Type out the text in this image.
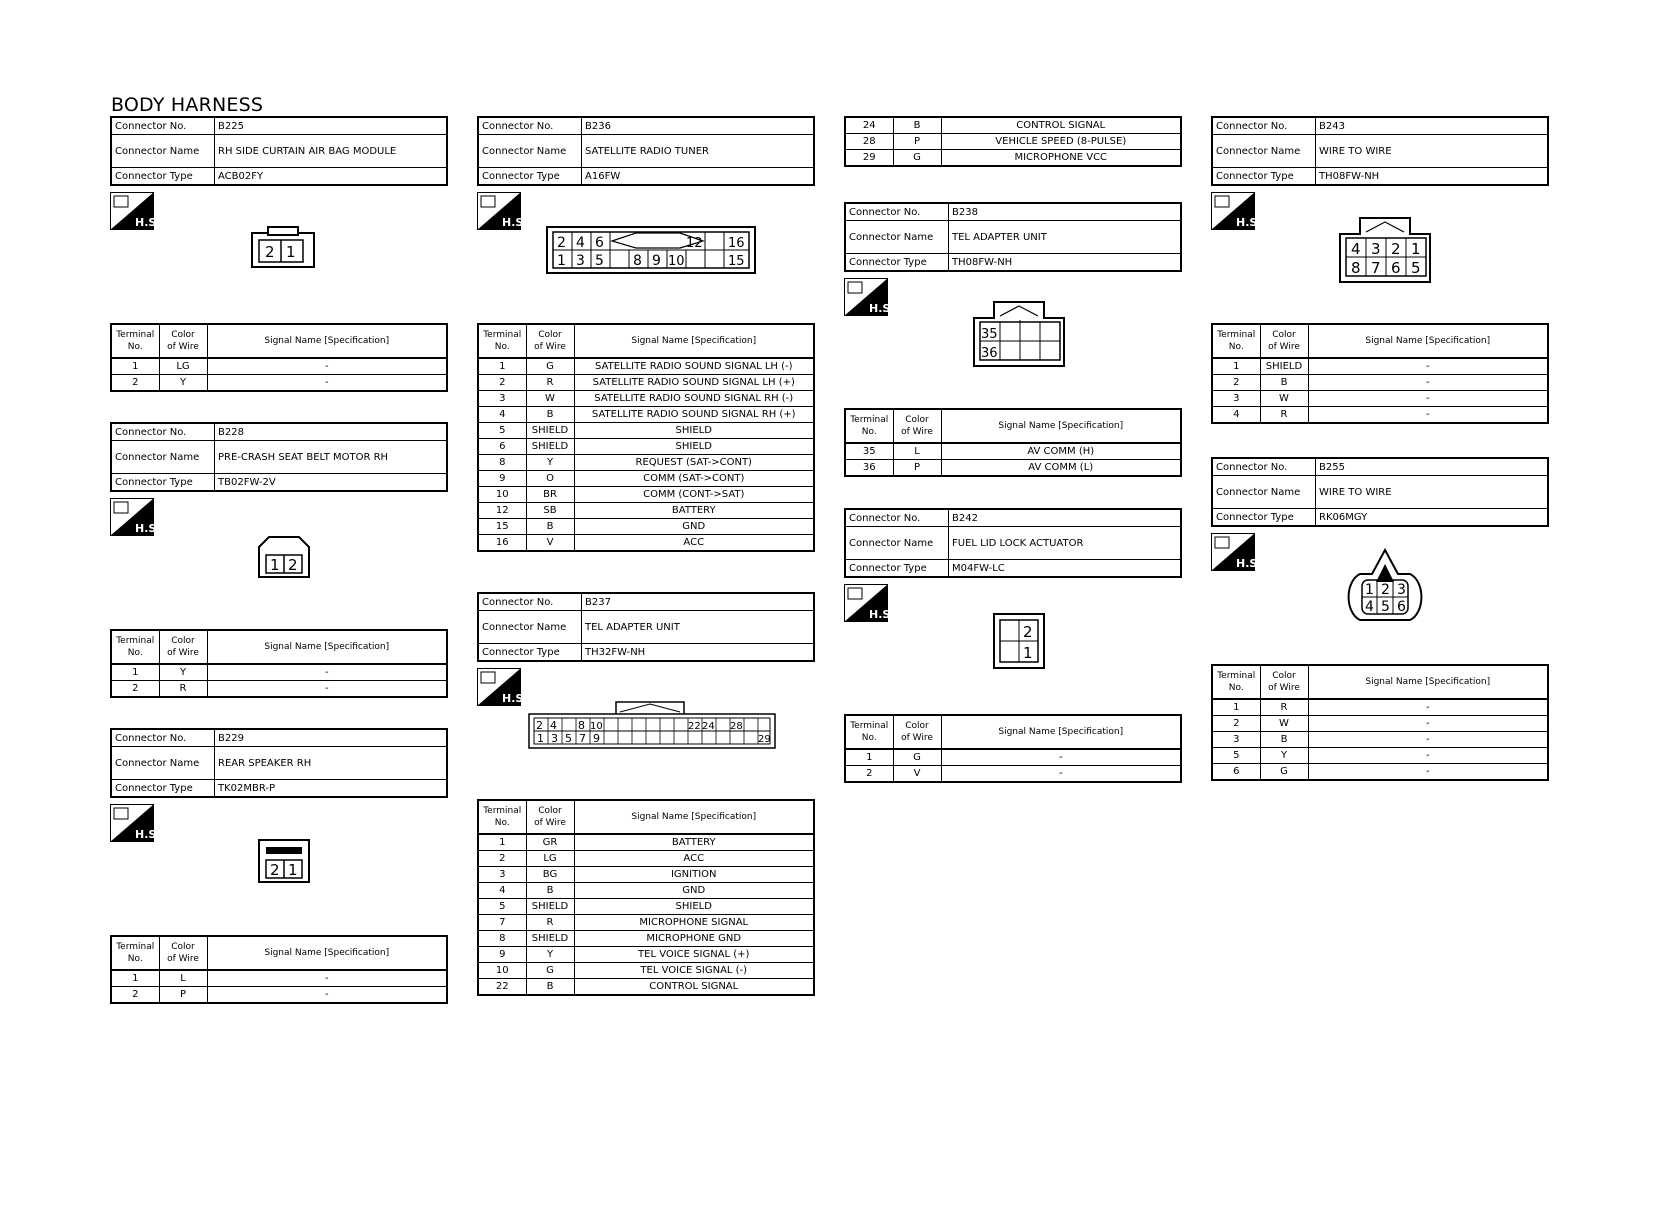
BODY HARNESS
Connector No.	B225
Connector Name	RH SIDE CURTAIN AIR BAG MODULE
Connector Type	ACB02FY
H.S.
2 1
Terminal
No.	Color
of Wire	Signal Name [Specification]
1	LG	-
2	Y	-
Connector No.	B228
Connector Name	PRE-CRASH SEAT BELT MOTOR RH
Connector Type	TB02FW-2V
H.S.
1 2
Terminal
No.	Color
of Wire	Signal Name [Specification]
1	Y	-
2	R	-
Connector No.	B229
Connector Name	REAR SPEAKER RH
Connector Type	TK02MBR-P
H.S.
2 1
Terminal
No.	Color
of Wire	Signal Name [Specification]
1	L	-
2	P	-
Connector No.	B236
Connector Name	SATELLITE RADIO TUNER
Connector Type	A16FW
H.S.
2 4 6	12 16
1 3 5 8 9 10	15
Terminal
No.	Color
of Wire	Signal Name [Specification]
1	G	SATELLITE RADIO SOUND SIGNAL LH (-)
2	R	SATELLITE RADIO SOUND SIGNAL LH (+)
3	W	SATELLITE RADIO SOUND SIGNAL RH (-)
4	B	SATELLITE RADIO SOUND SIGNAL RH (+)
5	SHIELD	SHIELD
6	SHIELD	SHIELD
8	Y	REQUEST (SAT->CONT)
9	O	COMM (SAT->CONT)
10	BR	COMM (CONT->SAT)
12	SB	BATTERY
15	B	GND
16	V	ACC
Connector No.	B237
Connector Name	TEL ADAPTER UNIT
Connector Type	TH32FW-NH
H.S.
2 4 8 10	22 24 28
1 3 5 7 9	29
Terminal
No.	Color
of Wire	Signal Name [Specification]
1	GR	BATTERY
2	LG	ACC
3	BG	IGNITION
4	B	GND
5	SHIELD	SHIELD
7	R	MICROPHONE SIGNAL
8	SHIELD	MICROPHONE GND
9	Y	TEL VOICE SIGNAL (+)
10	G	TEL VOICE SIGNAL (-)
22	B	CONTROL SIGNAL
24	B	CONTROL SIGNAL
28	P	VEHICLE SPEED (8-PULSE)
29	G	MICROPHONE VCC
Connector No.	B238
Connector Name	TEL ADAPTER UNIT
Connector Type	TH08FW-NH
H.S.
35
36
Terminal
No.	Color
of Wire	Signal Name [Specification]
35	L	AV COMM (H)
36	P	AV COMM (L)
Connector No.	B242
Connector Name	FUEL LID LOCK ACTUATOR
Connector Type	M04FW-LC
H.S.
2
1
Terminal
No.	Color
of Wire	Signal Name [Specification]
1	G	-
2	V	-
Connector No.	B243
Connector Name	WIRE TO WIRE
Connector Type	TH08FW-NH
H.S.
4 3 2 1
8 7 6 5
Terminal
No.	Color
of Wire	Signal Name [Specification]
1	SHIELD	-
2	B	-
3	W	-
4	R	-
Connector No.	B255
Connector Name	WIRE TO WIRE
Connector Type	RK06MGY
H.S.
1 2 3
4 5 6
Terminal
No.	Color
of Wire	Signal Name [Specification]
1	R	-
2	W	-
3	B	-
5	Y	-
6	G	-
